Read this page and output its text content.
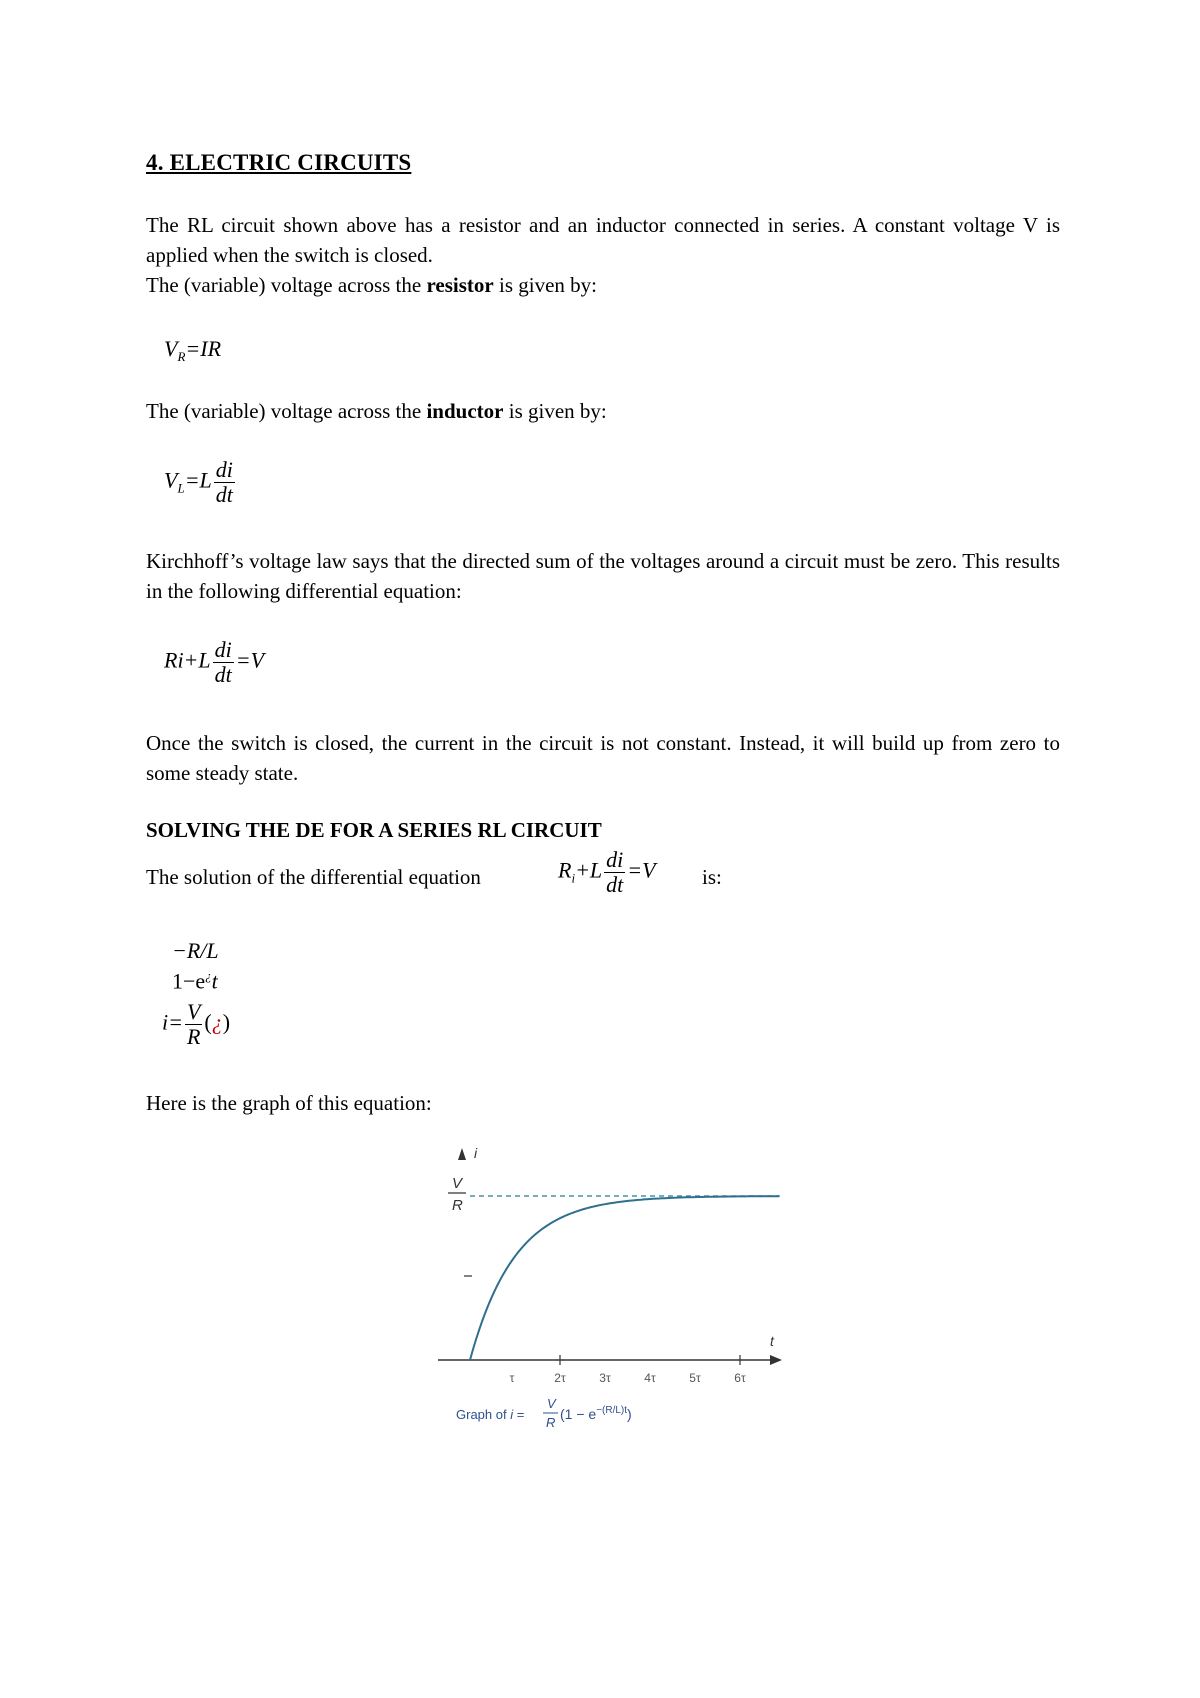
4. ELECTRIC CIRCUITS
The RL circuit shown above has a resistor and an inductor connected in series. A constant voltage V is applied when the switch is closed.
The (variable) voltage across the resistor is given by:
$V_R=IR$
The (variable) voltage across the inductor is given by:
$V_L=L \frac{di}{dt}$
Kirchhoff’s voltage law says that the directed sum of the voltages around a circuit must be zero. This results in the following differential equation:
$Ri+L \frac{di}{dt} =V$
Once the switch is closed, the current in the circuit is not constant. Instead, it will build up from zero to some steady state.
SOLVING THE DE FOR A SERIES RL CIRCUIT
The solution of the differential equation	$R_i+L \frac{di}{dt} =V$ is:
−R/L
1−e¿t
$i= \frac{V}{R}$ (¿)
Here is the graph of this equation:
i
V
R
t
τ	2τ	3τ	4τ	5τ	6τ
Graph of i =
V
R
$(1 - e^{-(R/L)t})$
